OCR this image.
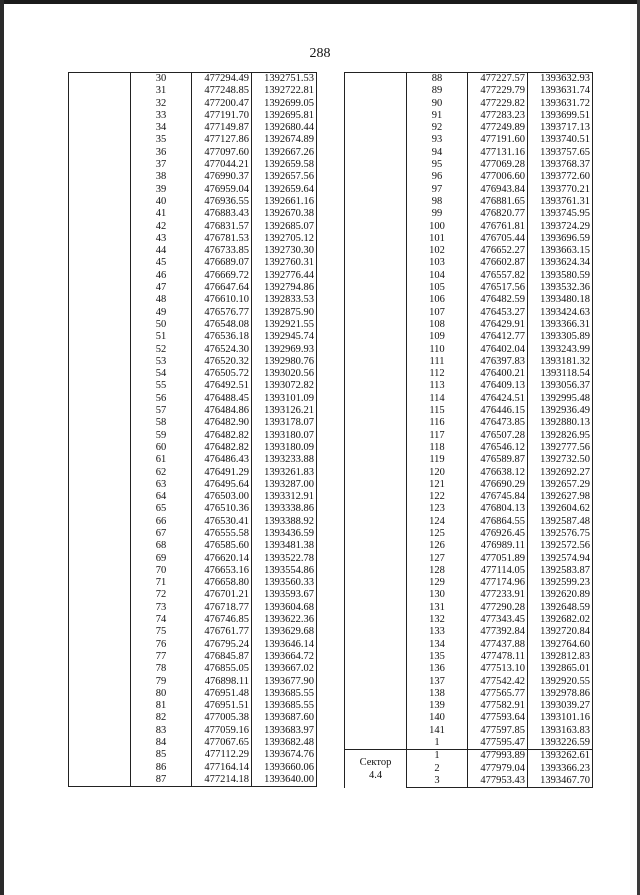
288
	30	477294.49	1392751.53
	31	477248.85	1392722.81
	32	477200.47	1392699.05
	33	477191.70	1392695.81
	34	477149.87	1392680.44
	35	477127.86	1392674.89
	36	477097.60	1392667.26
	37	477044.21	1392659.58
	38	476990.37	1392657.56
	39	476959.04	1392659.64
	40	476936.55	1392661.16
	41	476883.43	1392670.38
	42	476831.57	1392685.07
	43	476781.53	1392705.12
	44	476733.85	1392730.30
	45	476689.07	1392760.31
	46	476669.72	1392776.44
	47	476647.64	1392794.86
	48	476610.10	1392833.53
	49	476576.77	1392875.90
	50	476548.08	1392921.55
	51	476536.18	1392945.74
	52	476524.30	1392969.93
	53	476520.32	1392980.76
	54	476505.72	1393020.56
	55	476492.51	1393072.82
	56	476488.45	1393101.09
	57	476484.86	1393126.21
	58	476482.90	1393178.07
	59	476482.82	1393180.07
	60	476482.82	1393180.09
	61	476486.43	1393233.88
	62	476491.29	1393261.83
	63	476495.64	1393287.00
	64	476503.00	1393312.91
	65	476510.36	1393338.86
	66	476530.41	1393388.92
	67	476555.58	1393436.59
	68	476585.60	1393481.38
	69	476620.14	1393522.78
	70	476653.16	1393554.86
	71	476658.80	1393560.33
	72	476701.21	1393593.67
	73	476718.77	1393604.68
	74	476746.85	1393622.36
	75	476761.77	1393629.68
	76	476795.24	1393646.14
	77	476845.87	1393664.72
	78	476855.05	1393667.02
	79	476898.11	1393677.90
	80	476951.48	1393685.55
	81	476951.51	1393685.55
	82	477005.38	1393687.60
	83	477059.16	1393683.97
	84	477067.65	1393682.48
	85	477112.29	1393674.76
	86	477164.14	1393660.06
	87	477214.18	1393640.00
	88	477227.57	1393632.93
	89	477229.79	1393631.74
	90	477229.82	1393631.72
	91	477283.23	1393699.51
	92	477249.89	1393717.13
	93	477191.60	1393740.51
	94	477131.16	1393757.65
	95	477069.28	1393768.37
	96	477006.60	1393772.60
	97	476943.84	1393770.21
	98	476881.65	1393761.31
	99	476820.77	1393745.95
	100	476761.81	1393724.29
	101	476705.44	1393696.59
	102	476652.27	1393663.15
	103	476602.87	1393624.34
	104	476557.82	1393580.59
	105	476517.56	1393532.36
	106	476482.59	1393480.18
	107	476453.27	1393424.63
	108	476429.91	1393366.31
	109	476412.77	1393305.89
	110	476402.04	1393243.99
	111	476397.83	1393181.32
	112	476400.21	1393118.54
	113	476409.13	1393056.37
	114	476424.51	1392995.48
	115	476446.15	1392936.49
	116	476473.85	1392880.13
	117	476507.28	1392826.95
	118	476546.12	1392777.56
	119	476589.87	1392732.50
	120	476638.12	1392692.27
	121	476690.29	1392657.29
	122	476745.84	1392627.98
	123	476804.13	1392604.62
	124	476864.55	1392587.48
	125	476926.45	1392576.75
	126	476989.11	1392572.56
	127	477051.89	1392574.94
	128	477114.05	1392583.87
	129	477174.96	1392599.23
	130	477233.91	1392620.89
	131	477290.28	1392648.59
	132	477343.45	1392682.02
	133	477392.84	1392720.84
	134	477437.88	1392764.60
	135	477478.11	1392812.83
	136	477513.10	1392865.01
	137	477542.42	1392920.55
	138	477565.77	1392978.86
	139	477582.91	1393039.27
	140	477593.64	1393101.16
	141	477597.85	1393163.83
	1	477595.47	1393226.59
Сектор
4.4	1	477993.89	1393262.61
	2	477979.04	1393366.23
	3	477953.43	1393467.70
